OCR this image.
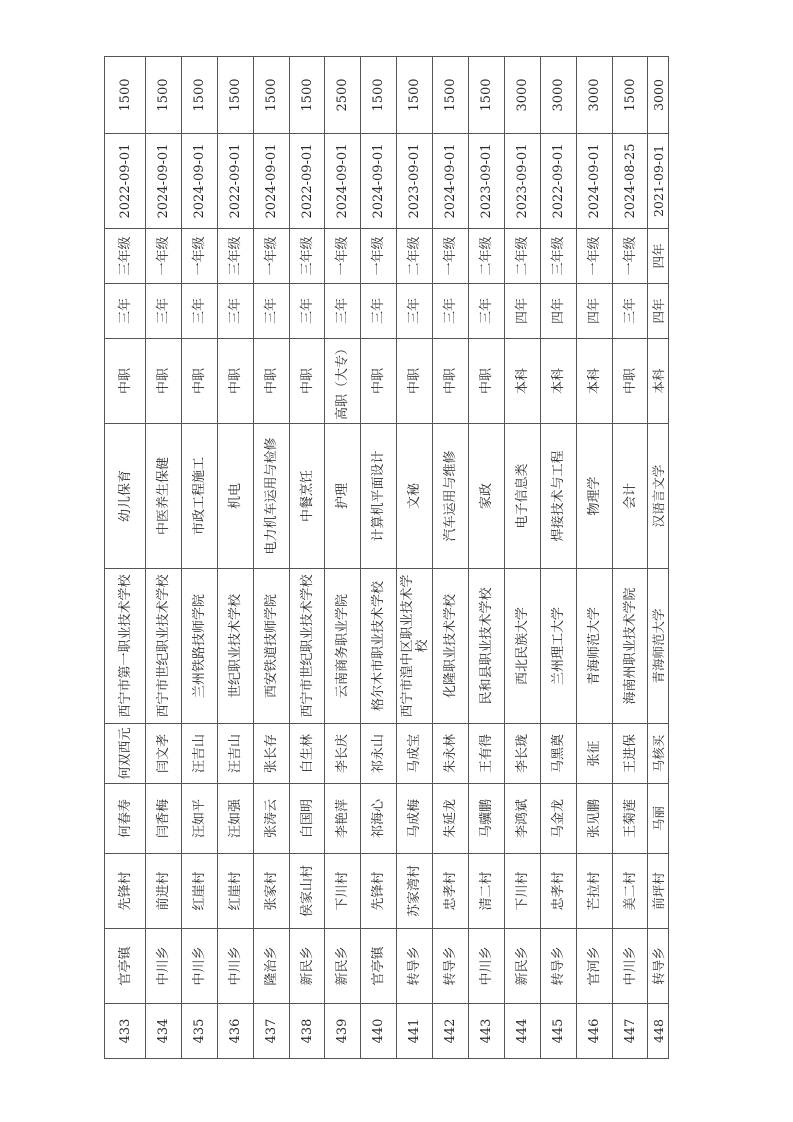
433	官亭镇	先锋村	何春寿	何双西元	西宁市第一职业技术学校	幼儿保育	中职	三年	三年级	2022-09-01	1500
434	中川乡	前进村	闫香梅	闫文孝	西宁市世纪职业技术学校	中医养生保健	中职	三年	一年级	2024-09-01	1500
435	中川乡	红崖村	汪如平	汪吉山	兰州铁路技师学院	市政工程施工	中职	三年	一年级	2024-09-01	1500
436	中川乡	红崖村	汪如强	汪吉山	世纪职业技术学校	机电	中职	三年	三年级	2022-09-01	1500
437	隆治乡	张家村	张涛云	张长存	西安铁道技师学院	电力机车运用与检修	中职	三年	一年级	2024-09-01	1500
438	新民乡	侯家山村	白国明	白生林	西宁市世纪职业技术学校	中餐烹饪	中职	三年	三年级	2022-09-01	1500
439	新民乡	下川村	李艳萍	李长庆	云南商务职业学院	护理	高职（大专）	三年	一年级	2024-09-01	2500
440	官亭镇	先锋村	祁海心	祁永山	格尔木市职业技术学校	计算机平面设计	中职	三年	一年级	2024-09-01	1500
441	转导乡	苏家湾村	马成梅	马成宝	西宁市湟中区职业技术学校	文秘	中职	三年	二年级	2023-09-01	1500
442	转导乡	忠孝村	朱延龙	朱永林	化隆职业技术学校	汽车运用与维修	中职	三年	一年级	2024-09-01	1500
443	中川乡	清二村	马骥鹏	王有得	民和县职业技术学校	家政	中职	三年	二年级	2023-09-01	1500
444	新民乡	下川村	李鸿斌	李长珑	西北民族大学	电子信息类	本科	四年	二年级	2023-09-01	3000
445	转导乡	忠孝村	马金龙	马黑奠	兰州理工大学	焊接技术与工程	本科	四年	三年级	2022-09-01	3000
446	官河乡	芒拉村	张见鹏	张征	青海师范大学	物理学	本科	四年	一年级	2024-09-01	3000
447	中川乡	美二村	王菊莲	王进保	海南州职业技术学院	会计	中职	三年	一年级	2024-08-25	1500
448	转导乡	前坪村	马丽	马核买	青海师范大学	汉语言文学	本科	四年	四年	2021-09-01	3000
